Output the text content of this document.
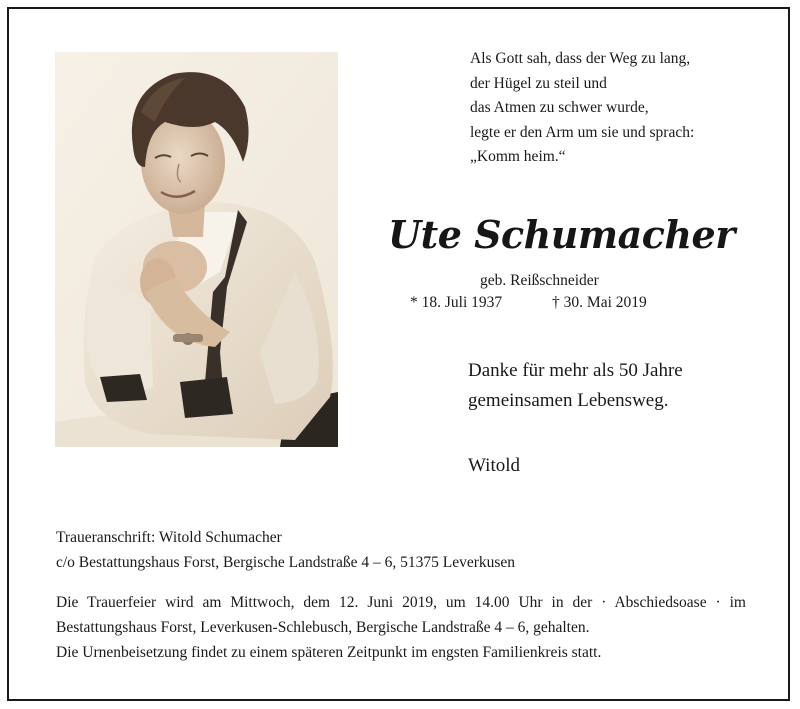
Als Gott sah, dass der Weg zu lang,
der Hügel zu steil und
das Atmen zu schwer wurde,
legte er den Arm um sie und sprach:
„Komm heim.“
Ute Schumacher
geb. Reißschneider
* 18. Juli 1937	† 30. Mai 2019
Danke für mehr als 50 Jahre
gemeinsamen Lebensweg.
Witold
Traueranschrift: Witold Schumacher
c/o Bestattungshaus Forst, Bergische Landstraße 4 – 6, 51375 Leverkusen
Die Trauerfeier wird am Mittwoch, dem 12. Juni 2019, um 14.00 Uhr in der · Abschiedsoase · im
Bestattungshaus Forst, Leverkusen-Schlebusch, Bergische Landstraße 4 – 6, gehalten.
Die Urnenbeisetzung findet zu einem späteren Zeitpunkt im engsten Familienkreis statt.
